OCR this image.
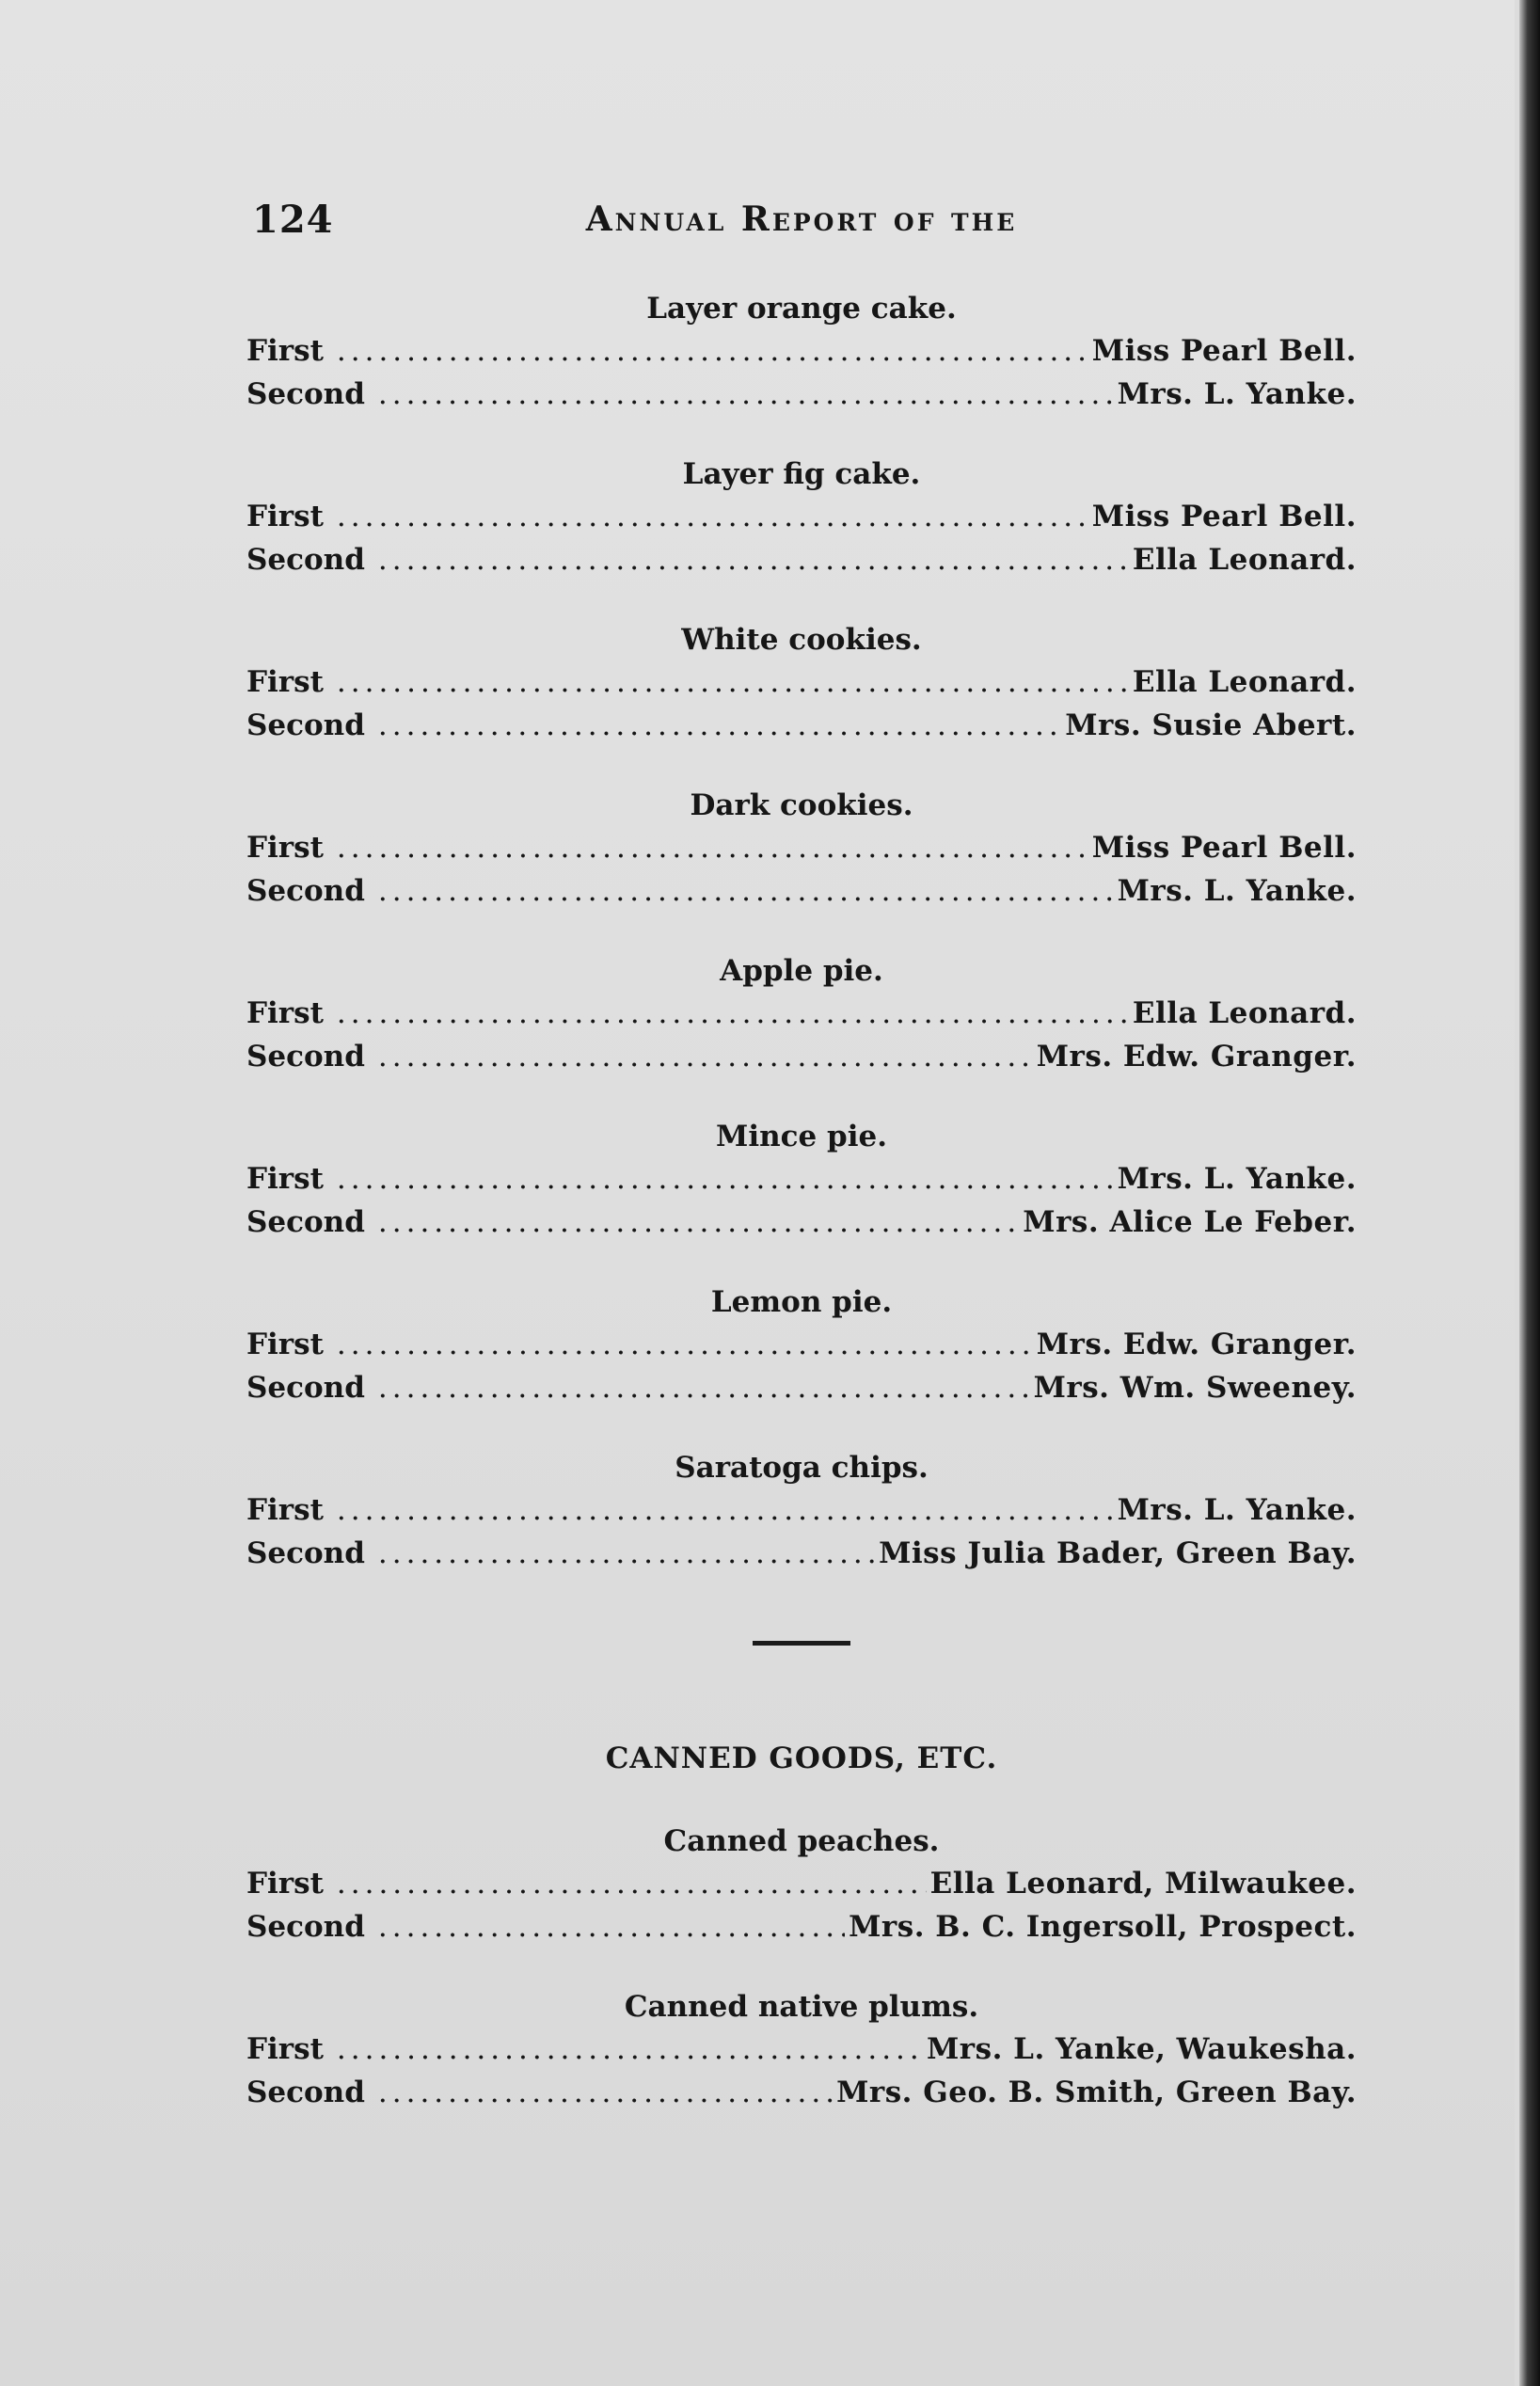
124	Annual Report of the
Layer orange cake.
First .....	Miss Pearl Bell.
Second .....	Mrs. L. Yanke.
Layer fig cake.
First .....	Miss Pearl Bell.
Second .....	Ella Leonard.
White cookies.
First .....	Ella Leonard.
Second .....	Mrs. Susie Abert.
Dark cookies.
First .....	Miss Pearl Bell.
Second .....	Mrs. L. Yanke.
Apple pie.
First .....	Ella Leonard.
Second .....	Mrs. Edw. Granger.
Mince pie.
First .....	Mrs. L. Yanke.
Second .....	Mrs. Alice Le Feber.
Lemon pie.
First .....	Mrs. Edw. Granger.
Second .....	Mrs. Wm. Sweeney.
Saratoga chips.
First .....	Mrs. L. Yanke.
Second .....	Miss Julia Bader, Green Bay.
CANNED GOODS, ETC.
Canned peaches.
First .....	Ella Leonard, Milwaukee.
Second .....	Mrs. B. C. Ingersoll, Prospect.
Canned native plums.
First .....	Mrs. L. Yanke, Waukesha.
Second .....	Mrs. Geo. B. Smith, Green Bay.
